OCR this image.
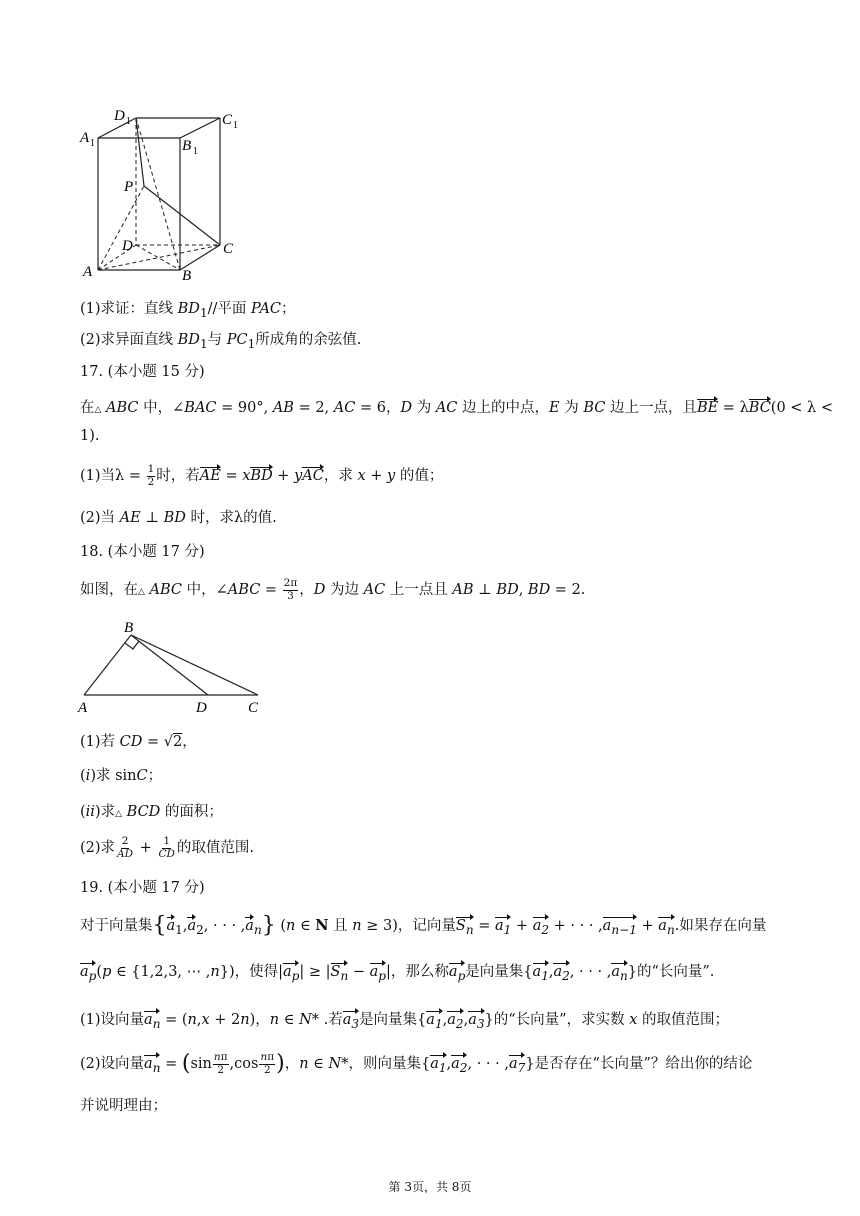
D 1	C 1
A 1	B 1
P
D	C
A	B
(1)求证：直线 $BD_1//$平面 PAC；
(2)求异面直线 $BD_1$与 $PC_1$所成角的余弦值.
17. (本小题 15 分)
在△ ABC 中，∠BAC = 90°, AB = 2, AC = 6，D 为 AC 边上的中点，E 为 BC 边上一点，且BE = λBC(0 < λ <
1).
(1)当$\lambda = \frac{1}{2}$ 时，若AE = xBD + yAC，求 x + y 的值；
(2)当 AE ⊥ BD 时，求λ的值.
18. (本小题 17 分)
如图，在△ ABC 中，∠ABC = $\frac{2\pi}{3}$ ，D 为边 AC 上一点且 AB ⊥ BD, BD = 2.
B
A	D	C
(1)若 CD = √2，
(i)求 sinC；
(ii)求△ BCD 的面积；
(2)求 $\frac{2}{AD} + \frac{1}{CD}$ 的取值范围.
19. (本小题 17 分)
对于向量集{$a_1,a_2$, · · · $,a_n$} (n ∈ N 且 n ≥ 3)，记向量$S_n = a_1 + a_2$ + · · · $,a_{n-1} + a_n$.如果存在向量
$a_p(p$ ∈ {1,2,3, ⋯ ,n})，使得$|a_p| \ge |S_n - a_p|$，那么称$a_p$是向量集{$a_1,a_2$, · · · $,a_n$}的“长向量”.
(1)设向量$a_n = (n,x + 2n)$，n ∈ N* .若$a_3$是向量集$\{a_1,a_2,a_3\}$的“长向量”，求实数 x 的取值范围；
(2)设向量$a_n = (\sin \frac{n\pi}{2} ,\cos \frac{n\pi}{2}$ )，n ∈ N*，则向量集{$a_1,a_2$, · · · $,a_7$}是否存在“长向量”？给出你的结论
并说明理由；
第 3页，共 8页
